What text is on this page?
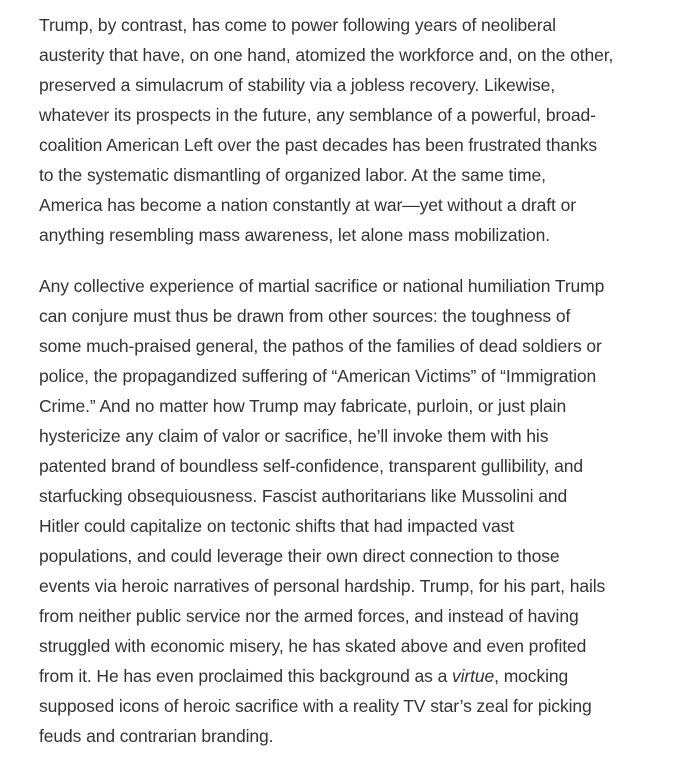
Trump, by contrast, has come to power following years of neoliberal
austerity that have, on one hand, atomized the workforce and, on the other,
preserved a simulacrum of stability via a jobless recovery. Likewise,
whatever its prospects in the future, any semblance of a powerful, broad-
coalition American Left over the past decades has been frustrated thanks
to the systematic dismantling of organized labor. At the same time,
America has become a nation constantly at war—yet without a draft or
anything resembling mass awareness, let alone mass mobilization.

Any collective experience of martial sacrifice or national humiliation Trump
can conjure must thus be drawn from other sources: the toughness of
some much-praised general, the pathos of the families of dead soldiers or
police, the propagandized suffering of “American Victims” of “Immigration
Crime.” And no matter how Trump may fabricate, purloin, or just plain
hystericize any claim of valor or sacrifice, he’ll invoke them with his
patented brand of boundless self-confidence, transparent gullibility, and
starfucking obsequiousness. Fascist authoritarians like Mussolini and
Hitler could capitalize on tectonic shifts that had impacted vast
populations, and could leverage their own direct connection to those
events via heroic narratives of personal hardship. Trump, for his part, hails
from neither public service nor the armed forces, and instead of having
struggled with economic misery, he has skated above and even profited
from it. He has even proclaimed this background as a virtue, mocking
supposed icons of heroic sacrifice with a reality TV star’s zeal for picking
feuds and contrarian branding.
